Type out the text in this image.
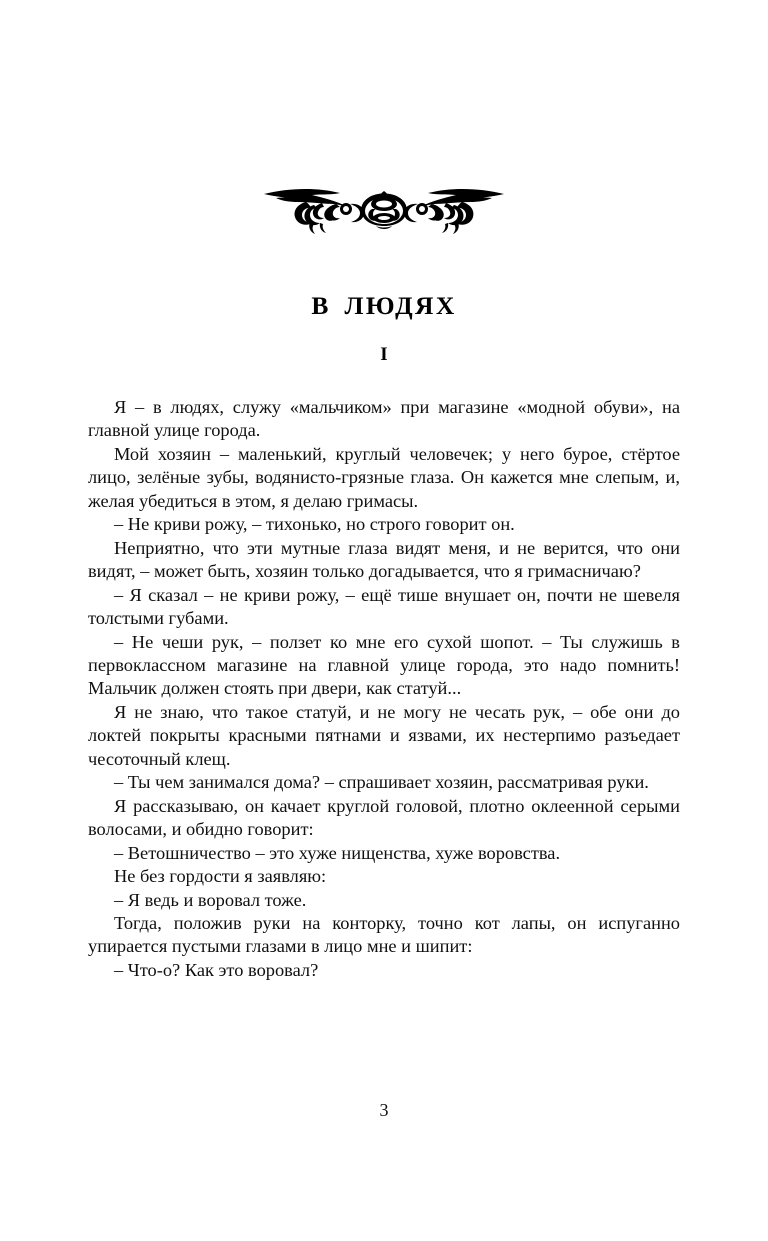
В ЛЮДЯХ
I

Я – в людях, служу «мальчиком» при магазине «модной обуви», на главной улице города.

Мой хозяин – маленький, круглый человечек; у него бурое, стёртое лицо, зелёные зубы, водянисто-грязные глаза. Он кажется мне слепым, и, желая убедиться в этом, я делаю гримасы.

– Не криви рожу, – тихонько, но строго говорит он.

Неприятно, что эти мутные глаза видят меня, и не верится, что они видят, – может быть, хозяин только догадывается, что я гримасничаю?

– Я сказал – не криви рожу, – ещё тише внушает он, почти не шевеля толстыми губами.

– Не чеши рук, – ползет ко мне его сухой шопот. – Ты служишь в первоклассном магазине на главной улице города, это надо помнить! Мальчик должен стоять при двери, как статуй...

Я не знаю, что такое статуй, и не могу не чесать рук, – обе они до локтей покрыты красными пятнами и язвами, их нестерпимо разъедает чесоточный клещ.

– Ты чем занимался дома? – спрашивает хозяин, рассматривая руки.

Я рассказываю, он качает круглой головой, плотно оклеенной серыми волосами, и обидно говорит:

– Ветошничество – это хуже нищенства, хуже воровства.

Не без гордости я заявляю:

– Я ведь и воровал тоже.

Тогда, положив руки на конторку, точно кот лапы, он испуганно упирается пустыми глазами в лицо мне и шипит:

– Что-о? Как это воровал?

3
